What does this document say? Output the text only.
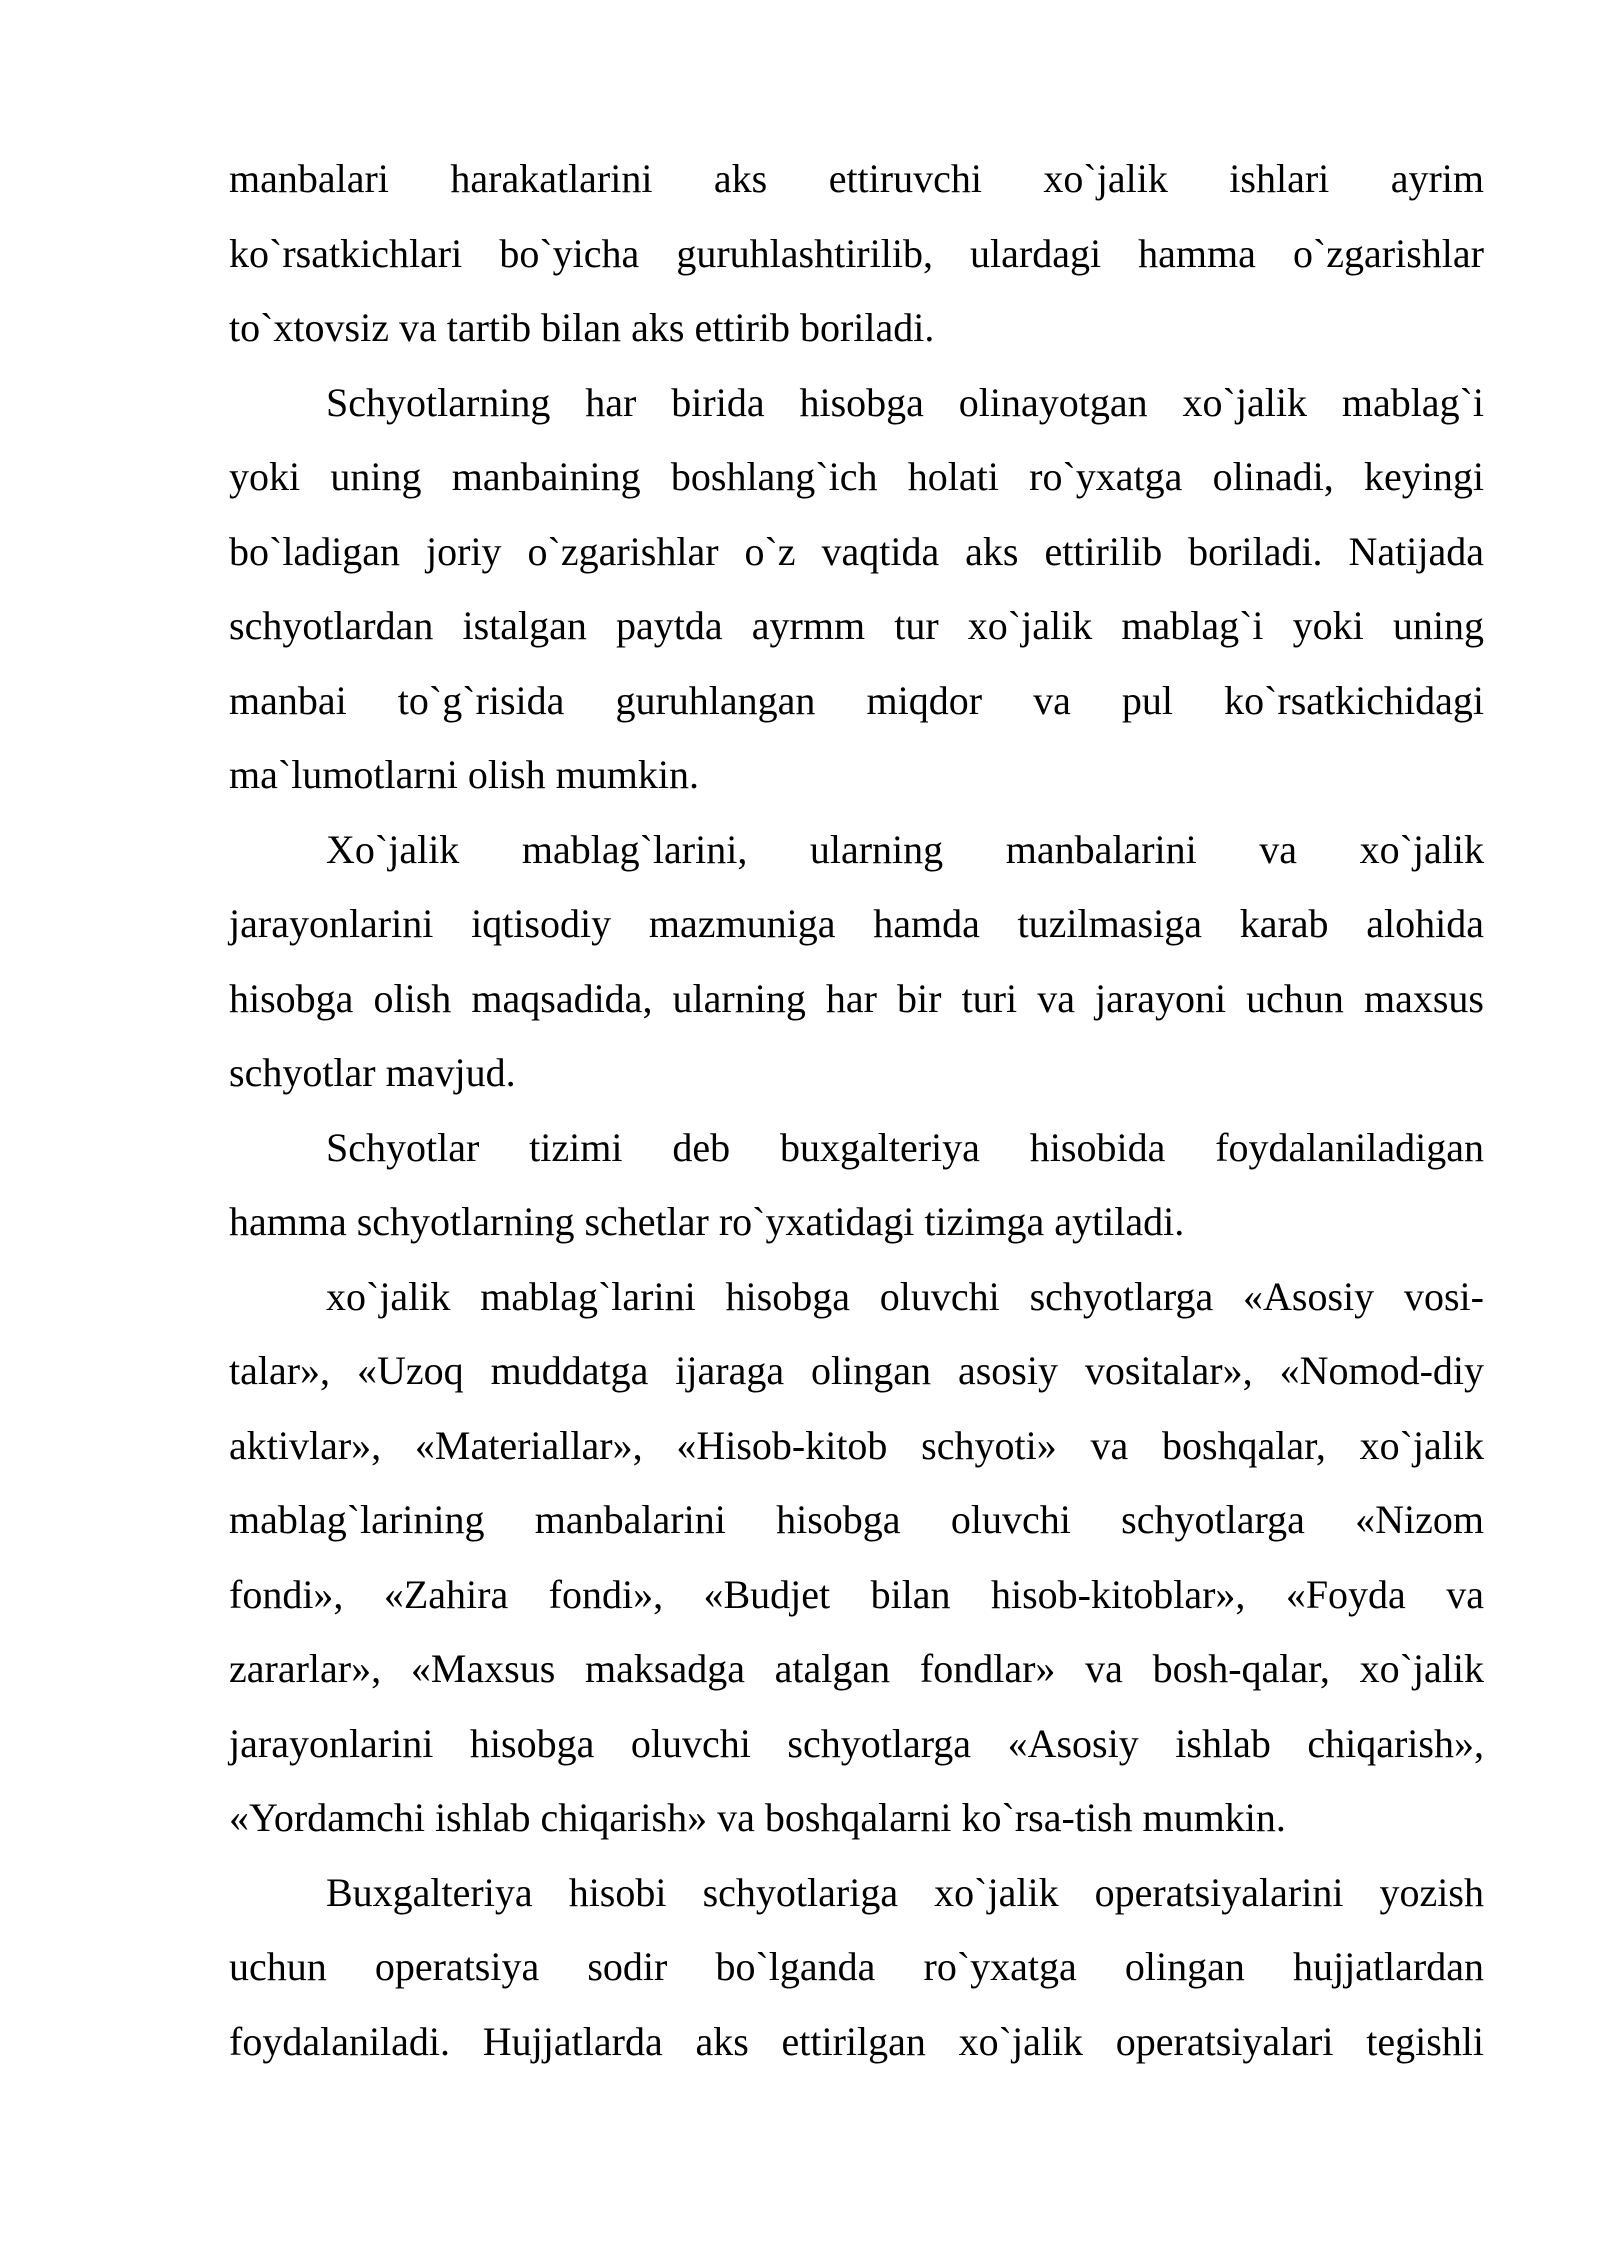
manbalari harakatlarini aks ettiruvchi xo`jalik ishlari ayrim
ko`rsatkichlari bo`yicha guruhlashtirilib, ulardagi hamma o`zgarishlar
to`xtovsiz va tartib bilan aks ettirib boriladi.
Schyotlarning har birida hisobga olinayotgan xo`jalik mablag`i
yoki uning manbaining boshlang`ich holati ro`yxatga olinadi, keyingi
bo`ladigan joriy o`zgarishlar o`z vaqtida aks ettirilib boriladi. Natijada
schyotlardan istalgan paytda ayrmm tur xo`jalik mablag`i yoki uning
manbai to`g`risida guruhlangan miqdor va pul ko`rsatkichidagi
ma`lumotlarni olish mumkin.
Xo`jalik mablag`larini, ularning manbalarini va xo`jalik
jarayonlarini iqtisodiy mazmuniga hamda tuzilmasiga karab alohida
hisobga olish maqsadida, ularning har bir turi va jarayoni uchun maxsus
schyotlar mavjud.
Schyotlar tizimi deb buxgalteriya hisobida foydalaniladigan
hamma schyotlarning schetlar ro`yxatidagi tizimga aytiladi.
xo`jalik mablag`larini hisobga oluvchi schyotlarga «Asosiy vosi-
talar», «Uzoq muddatga ijaraga olingan asosiy vositalar», «Nomod-diy
aktivlar», «Materiallar», «Hisob-kitob schyoti» va boshqalar, xo`jalik
mablag`larining manbalarini hisobga oluvchi schyotlarga «Nizom
fondi», «Zahira fondi», «Budjet bilan hisob-kitoblar», «Foyda va
zararlar», «Maxsus maksadga atalgan fondlar» va bosh-qalar, xo`jalik
jarayonlarini hisobga oluvchi schyotlarga «Asosiy ishlab chiqarish»,
«Yordamchi ishlab chiqarish» va boshqalarni ko`rsa-tish mumkin.
Buxgalteriya hisobi schyotlariga xo`jalik operatsiyalarini yozish
uchun operatsiya sodir bo`lganda ro`yxatga olingan hujjatlardan
foydalaniladi. Hujjatlarda aks ettirilgan xo`jalik operatsiyalari tegishli
